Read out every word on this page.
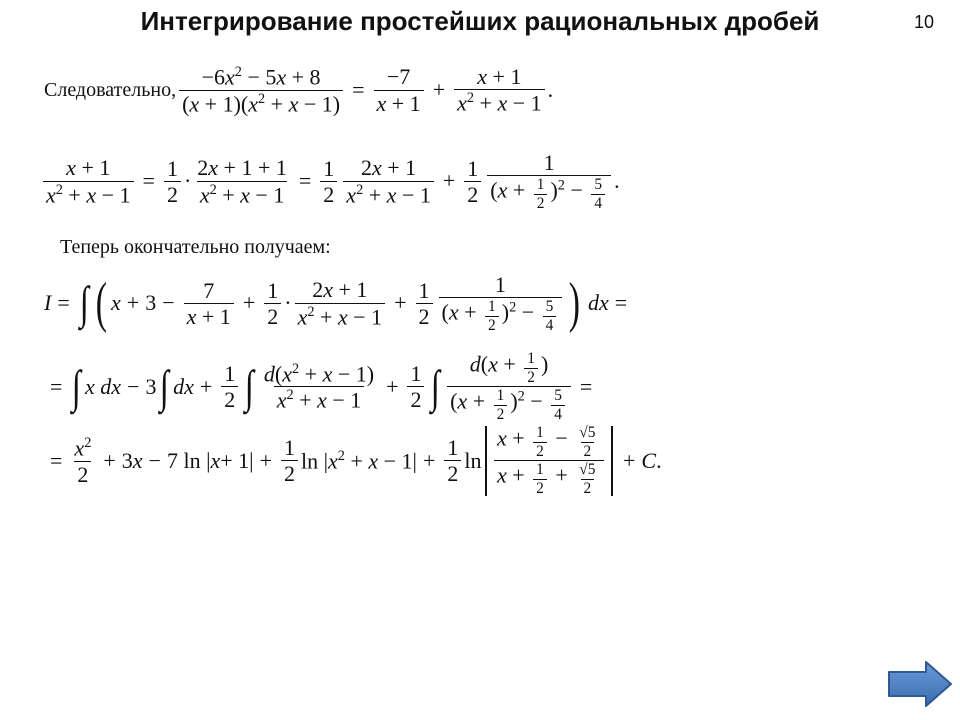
Интегрирование простейших рациональных дробей	10
Следовательно, $\frac{-6x^2 - 5x + 8}{(x + 1)(x^2 + x - 1)} = \frac{-7}{x + 1} + \frac{x + 1}{x^2 + x - 1}$ .
$\frac{x + 1}{x^2 + x - 1} = \frac{1}{2} \cdot \frac{2x + 1 + 1}{x^2 + x - 1} = \frac{1}{2} \frac{2x + 1}{x^2 + x - 1} + \frac{1}{2} \frac{1}{(x + \frac{1}{2} )^2 - \frac{5}{4}}$ .
Теперь окончательно получаем:
I = ∫ ( $x + 3 - \frac{7}{x + 1} + \frac{1}{2} \cdot \frac{2x + 1}{x^2 + x - 1} + \frac{1}{2} \frac{1}{(x + \frac{1}{2} )^2 - \frac{5}{4}}$ ) dx =
= ∫ x dx − 3 ∫ dx + $\frac{1}{2}$ ∫ $\frac{d(x^2 + x - 1)}{x^2 + x - 1} + \frac{1}{2}$ ∫ $\frac{d(x + \frac{1}{2} )}{(x + \frac{1}{2} )^2 - \frac{5}{4}}$ =
= $\frac{x^2}{2} + 3$ x − 7 ln | $x + 1| + \frac{1}{2}$ $\ln |x^2 + x - 1| + \frac{1}{2}$ $\ln \frac{x + \frac{1}{2} - \frac{√5}{2}}{x + \frac{1}{2} + \frac{√5}{2}} + C$ .
